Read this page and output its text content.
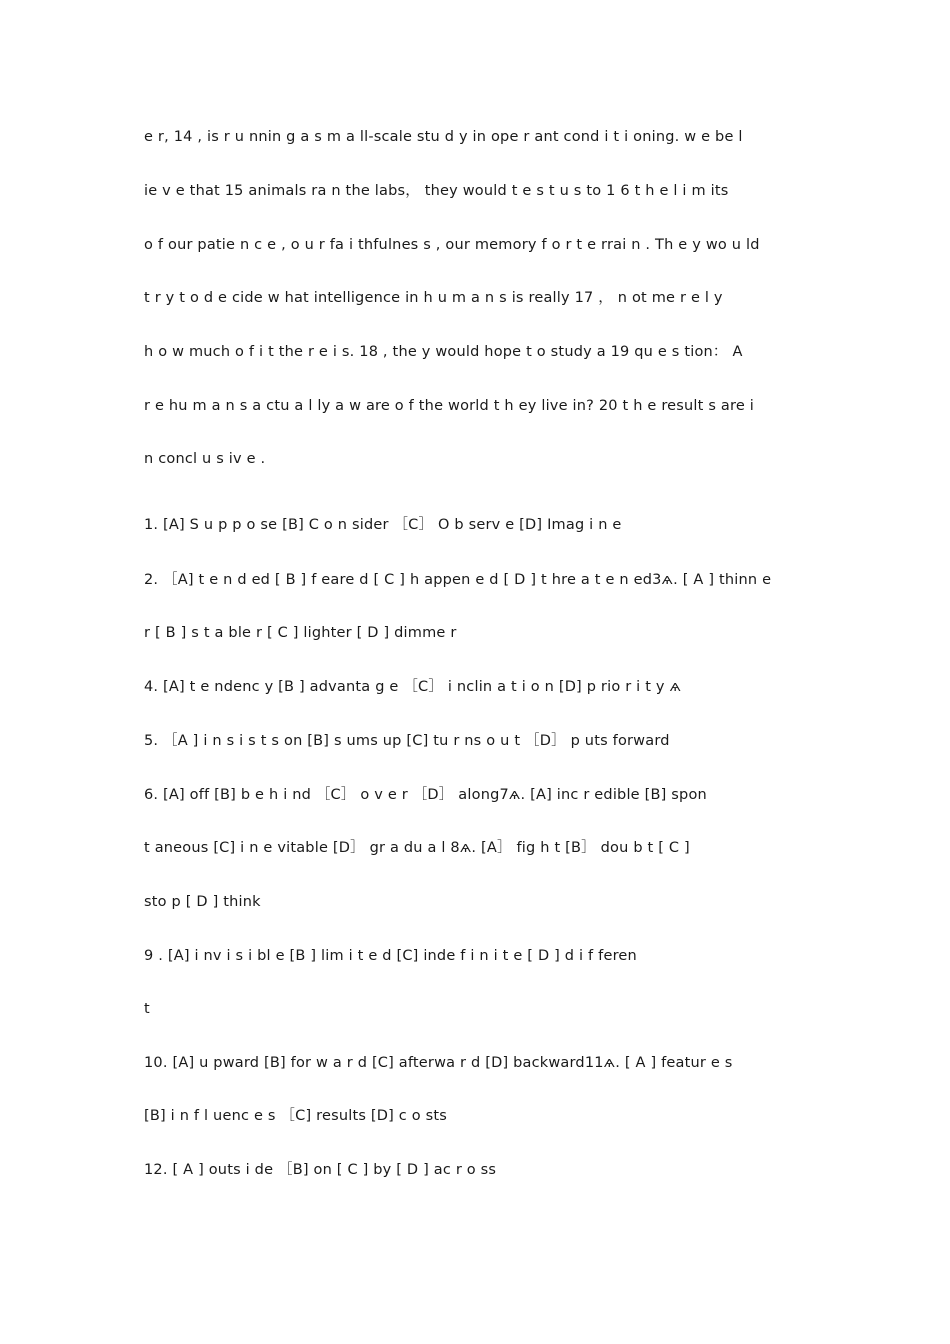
e r, 14 , is r u nnin g a s m a ll-scale stu d y in ope r ant cond i t i oning. w e be l
ie v e that 15 animals ra n the labs， they would t e s t u s to 1 6 t h e l i m its
o f our patie n c e , o u r fa i thfulnes s , our memory f o r t e rrai n . Th e y wo u ld
t r y t o d e cide w hat intelligence in h u m a n s is really 17 ， n ot me r e l y
h o w much o f i t the r e i s. 18 , the y would hope t o study a 19 qu e s tion： A
r e hu m a n s a ctu a l ly a w are o f the world t h ey live in? 20 t h e result s are i
n concl u s iv e .
1. [A] S u p p o se [B] C o n sider ［C］ O b serv e [D] Imag i n e
2. ［A] t e n d ed [ B ] f eare d [ C ] h appen e d [ D ] t hre a t e n ed3ѧ. [ A ] thinn e
r [ B ] s t a ble r [ C ] lighter [ D ] dimme r
4. [A] t e ndenc y [B ] advanta g e ［C］ i nclin a t i o n [D] p rio r i t y ѧ
5. ［A ] i n s i s t s on [B] s ums up [C] tu r ns o u t ［D］ p uts forward
6. [A] off [B] b e h i nd ［C］ o v e r ［D］ along7ѧ. [A] inc r edible [B] spon
t aneous [C] i n e vitable [D］ gr a du a l 8ѧ. [A］ fig h t [B］ dou b t [ C ]
sto p [ D ] think
9 . [A] i nv i s i bl e [B ] lim i t e d [C] inde f i n i t e [ D ] d i f feren
t
10. [A] u pward [B] for w a r d [C] afterwa r d [D] backward11ѧ. [ A ] featur e s
[B] i n f l uenc e s ［C] results [D] c o sts
12. [ A ] outs i de ［B] on [ C ] by [ D ] ac r o ss
